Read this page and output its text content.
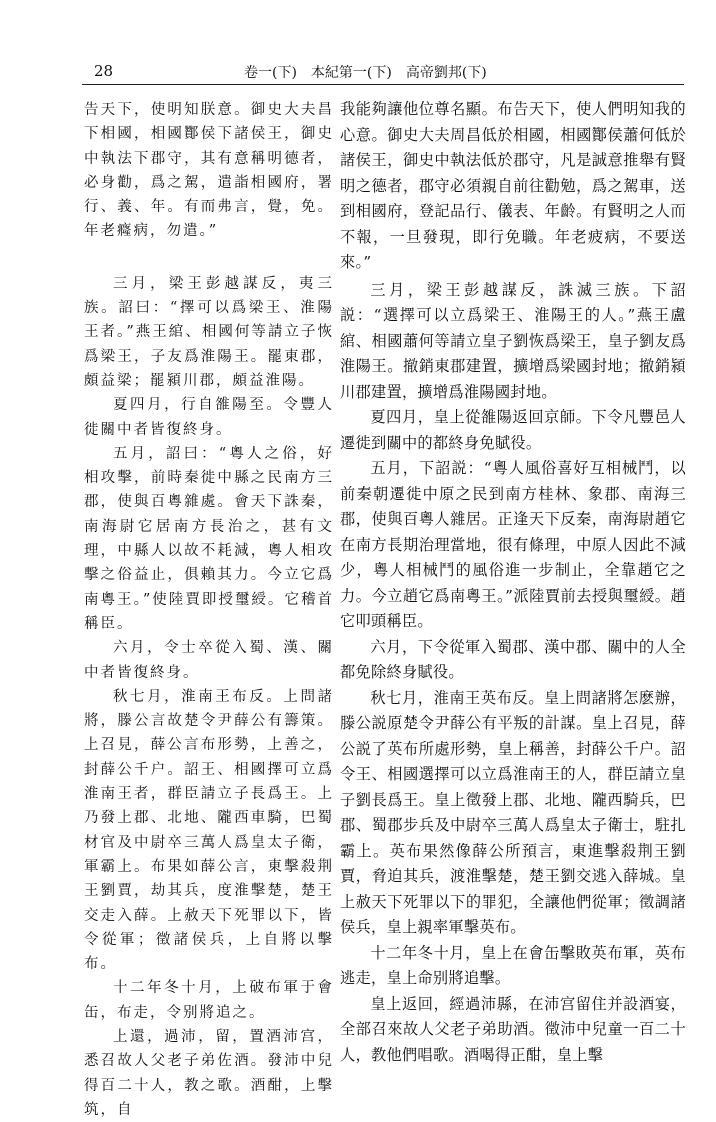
28	卷一(下)　本紀第一(下)　高帝劉邦(下)

告天下，使明知朕意。御史大夫昌下相國，相國酇侯下諸侯王，御史中執法下郡守，其有意稱明德者，必身勸，爲之駕，遣詣相國府，署行、義、年。有而弗言，覺，免。年老癃病，勿遣。”

三月，梁王彭越謀反，夷三族。詔曰：“擇可以爲梁王、淮陽王者。”燕王綰、相國何等請立子恢爲梁王，子友爲淮陽王。罷東郡，頗益梁；罷潁川郡，頗益淮陽。

夏四月，行自雒陽至。令豐人徙關中者皆復終身。

五月，詔曰：“粵人之俗，好相攻擊，前時秦徙中縣之民南方三郡，使與百粵雜處。會天下誅秦，南海尉它居南方長治之，甚有文理，中縣人以故不耗減，粵人相攻擊之俗益止，俱賴其力。今立它爲南粵王。”使陸賈即授璽綬。它稽首稱臣。

六月，令士卒從入蜀、漢、關中者皆復終身。

秋七月，淮南王布反。上問諸將，滕公言故楚令尹薛公有籌策。上召見，薛公言布形勢，上善之，封薛公千户。詔王、相國擇可立爲淮南王者，群臣請立子長爲王。上乃發上郡、北地、隴西車騎，巴蜀材官及中尉卒三萬人爲皇太子衛，軍霸上。布果如薛公言，東擊殺荆王劉賈，劫其兵，度淮擊楚，楚王交走入薛。上赦天下死罪以下，皆令從軍；徵諸侯兵，上自將以擊布。

十二年冬十月，上破布軍于會缶，布走，令别將追之。

上還，過沛，留，置酒沛宫，悉召故人父老子弟佐酒。發沛中兒得百二十人，教之歌。酒酣，上擊筑，自

我能夠讓他位尊名顯。布告天下，使人們明知我的心意。御史大夫周昌低於相國，相國酇侯蕭何低於諸侯王，御史中執法低於郡守，凡是誠意推舉有賢明之德者，郡守必須親自前往勸勉，爲之駕車，送到相國府，登記品行、儀表、年齡。有賢明之人而不報，一旦發現，即行免職。年老疲病，不要送來。”

三月，梁王彭越謀反，誅滅三族。下詔説：“選擇可以立爲梁王、淮陽王的人。”燕王盧綰、相國蕭何等請立皇子劉恢爲梁王，皇子劉友爲淮陽王。撤銷東郡建置，擴增爲梁國封地；撤銷潁川郡建置，擴增爲淮陽國封地。

夏四月，皇上從雒陽返回京師。下令凡豐邑人遷徙到關中的都終身免賦役。

五月，下詔説：“粵人風俗喜好互相械鬥，以前秦朝遷徙中原之民到南方桂林、象郡、南海三郡，使與百粵人雜居。正逢天下反秦，南海尉趙它在南方長期治理當地，很有條理，中原人因此不減少，粵人相械鬥的風俗進一步制止，全靠趙它之力。今立趙它爲南粵王。”派陸賈前去授與璽綬。趙它叩頭稱臣。

六月，下令從軍入蜀郡、漢中郡、關中的人全都免除終身賦役。

秋七月，淮南王英布反。皇上問諸將怎麽辦，滕公説原楚令尹薛公有平叛的計謀。皇上召見，薛公説了英布所處形勢，皇上稱善，封薛公千户。詔令王、相國選擇可以立爲淮南王的人，群臣請立皇子劉長爲王。皇上徵發上郡、北地、隴西騎兵，巴郡、蜀郡步兵及中尉卒三萬人爲皇太子衛士，駐扎霸上。英布果然像薛公所預言，東進擊殺荆王劉賈，脅迫其兵，渡淮擊楚，楚王劉交逃入薛城。皇上赦天下死罪以下的罪犯，全讓他們從軍；徵調諸侯兵，皇上親率軍擊英布。

十二年冬十月，皇上在會缶擊敗英布軍，英布逃走，皇上命别將追擊。

皇上返回，經過沛縣，在沛宫留住并設酒宴，全部召來故人父老子弟助酒。徵沛中兒童一百二十人，教他們唱歌。酒喝得正酣，皇上擊
